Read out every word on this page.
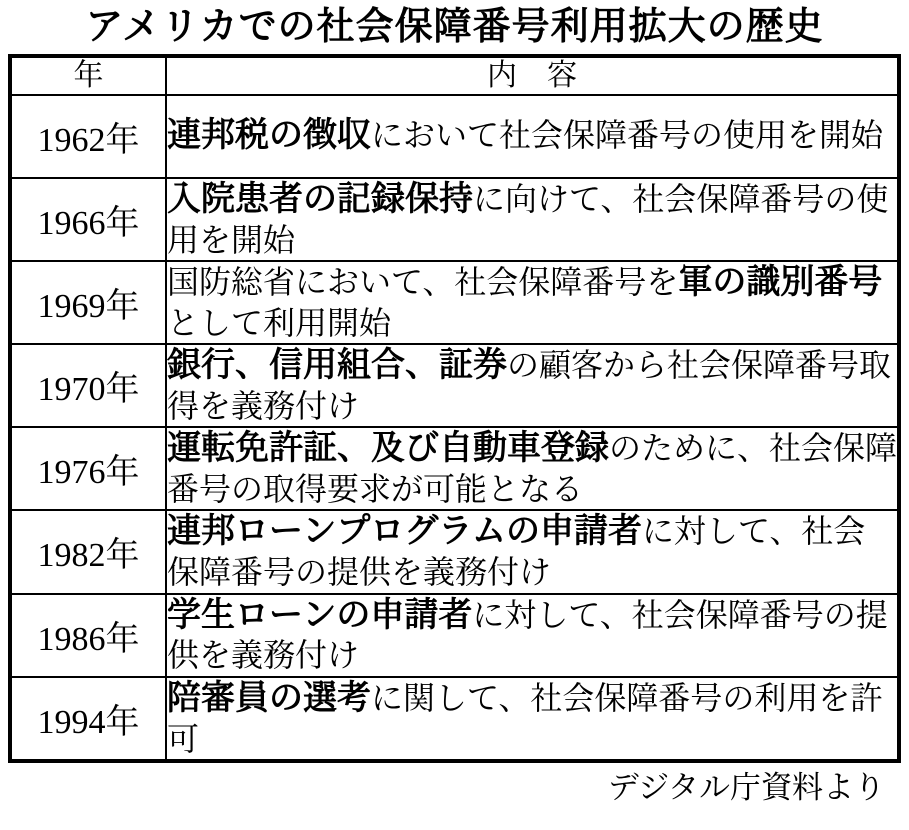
アメリカでの社会保障番号利用拡大の歴史
年	内　容
1962年	連邦税の徴収において社会保障番号の使用を開始
1966年	入院患者の記録保持に向けて、社会保障番号の使用を開始
1969年	国防総省において、社会保障番号を軍の識別番号として利用開始
1970年	銀行、信用組合、証券の顧客から社会保障番号取得を義務付け
1976年	運転免許証、及び自動車登録のために、社会保障番号の取得要求が可能となる
1982年	連邦ローンプログラムの申請者に対して、社会保障番号の提供を義務付け
1986年	学生ローンの申請者に対して、社会保障番号の提供を義務付け
1994年	陪審員の選考に関して、社会保障番号の利用を許可
デジタル庁資料より
